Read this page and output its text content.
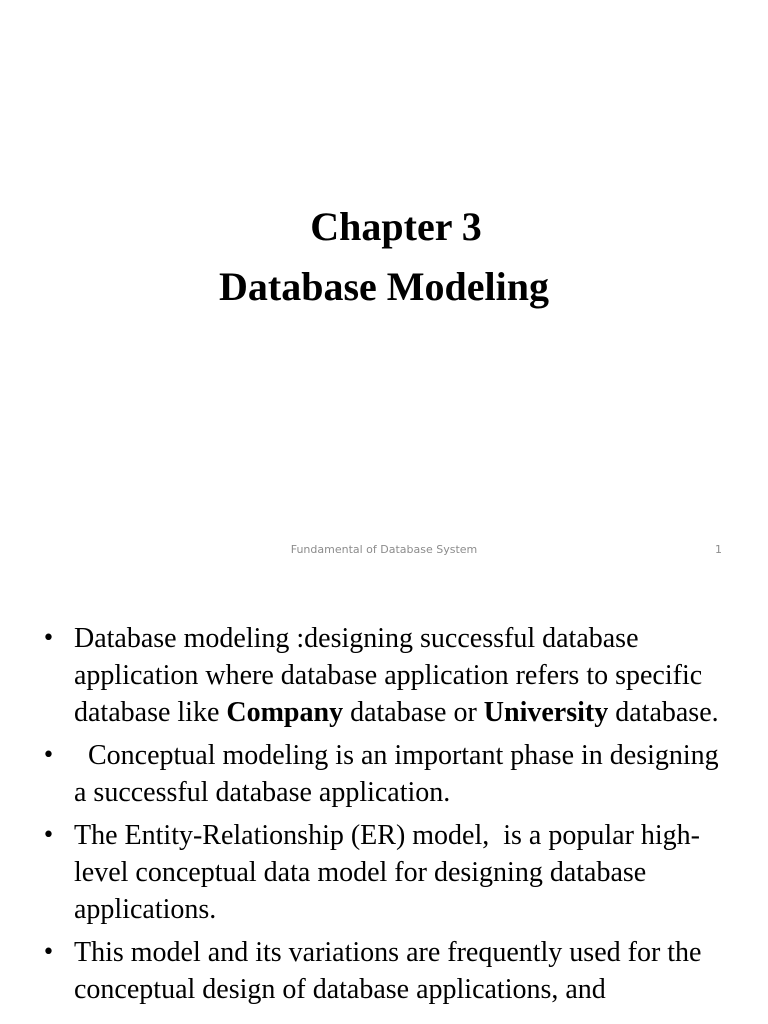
Chapter 3
Database Modeling
Fundamental of Database System	1
• Database modeling :designing successful database application where database application refers to specific database like Company database or University database.
• Conceptual modeling is an important phase in designing a successful database application.
• The Entity-Relationship (ER) model,  is a popular high-level conceptual data model for designing database applications.
• This model and its variations are frequently used for the conceptual design of database applications, and
